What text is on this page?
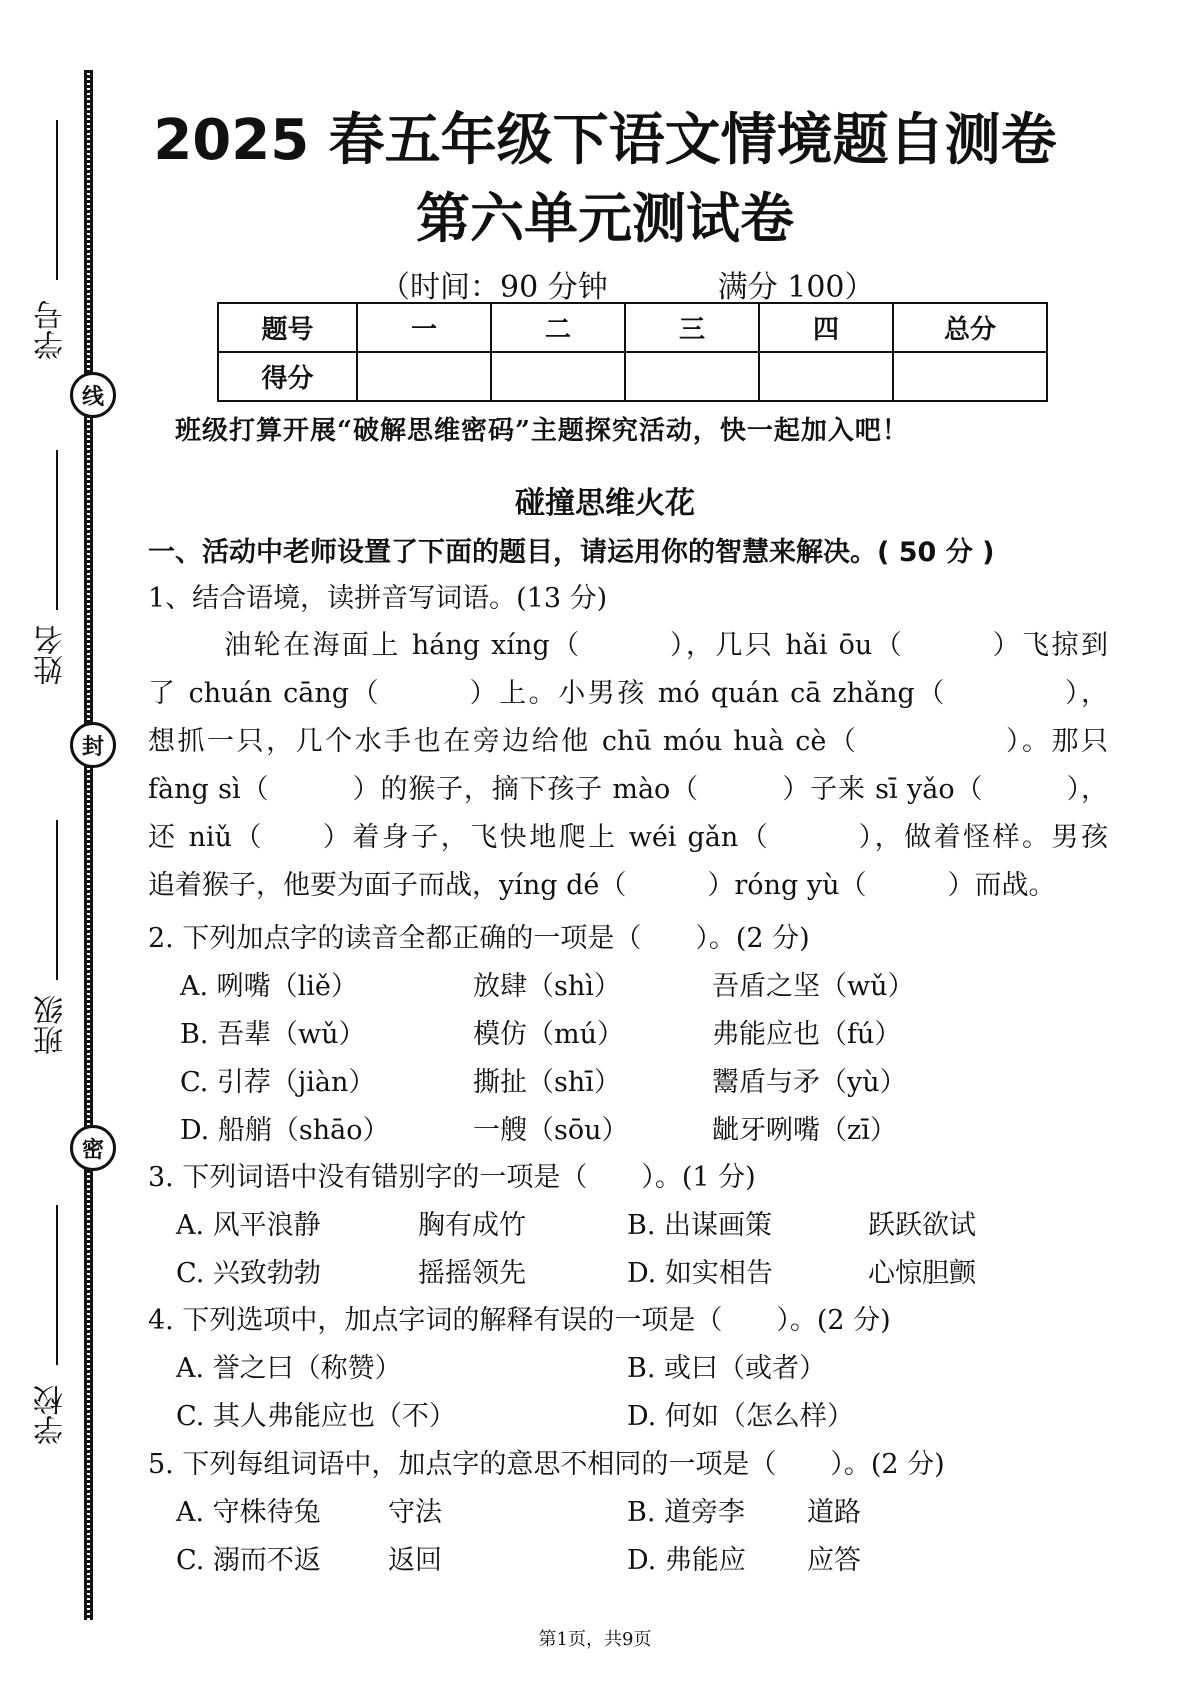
学号
线
姓名
封
班级
密
学校
2025 春五年级下语文情境题自测卷
第六单元测试卷
（时间：90 分钟	满分 100）
题号	一	二	三	四	总分
得分					
班级打算开展“破解思维密码”主题探究活动，快一起加入吧！
碰撞思维火花
一、活动中老师设置了下面的题目，请运用你的智慧来解决。( 50 分 )
1、结合语境，读拼音写词语。(13 分)

油轮在海面上 háng xíng（　　　），几只 hǎi ōu（　　　）飞掠到

了 chuán cāng（　　　）上。小男孩 mó quán cā zhǎng（　　　　），

想抓一只，几个水手也在旁边给他 chū móu huà cè（　　　　　）。那只

fàng sì（　　　）的猴子，摘下孩子 mào（　　　）子来 sī yǎo（　　　），

还 niǔ（　　）着身子，飞快地爬上 wéi gǎn（　　　），做着怪样。男孩

追着猴子，他要为面子而战，yíng dé（　　　）róng yù（　　　）而战。

2. 下列加点字的读音全都正确的一项是（　　）。(2 分)
A. 咧嘴（liě）	放肆（shì）	吾盾之坚（wǔ）
B. 吾辈（wǔ）	模仿（mú）	弗能应也（fú）
C. 引荐（jiàn）	撕扯（shī）	鬻盾与矛（yù）
D. 船艄（shāo）	一艘（sōu）	龇牙咧嘴（zī）
3. 下列词语中没有错别字的一项是（　　）。(1 分)
A. 风平浪静	胸有成竹	B. 出谋画策	跃跃欲试
C. 兴致勃勃	摇摇领先	D. 如实相告	心惊胆颤
4. 下列选项中，加点字词的解释有误的一项是（　　）。(2 分)
A. 誉之曰（称赞）	B. 或曰（或者）
C. 其人弗能应也（不）	D. 何如（怎么样）
5. 下列每组词语中，加点字的意思不相同的一项是（　　）。(2 分)
A. 守株待兔 守法	B. 道旁李 道路
C. 溺而不返 返回	D. 弗能应 应答
第1页，共9页
